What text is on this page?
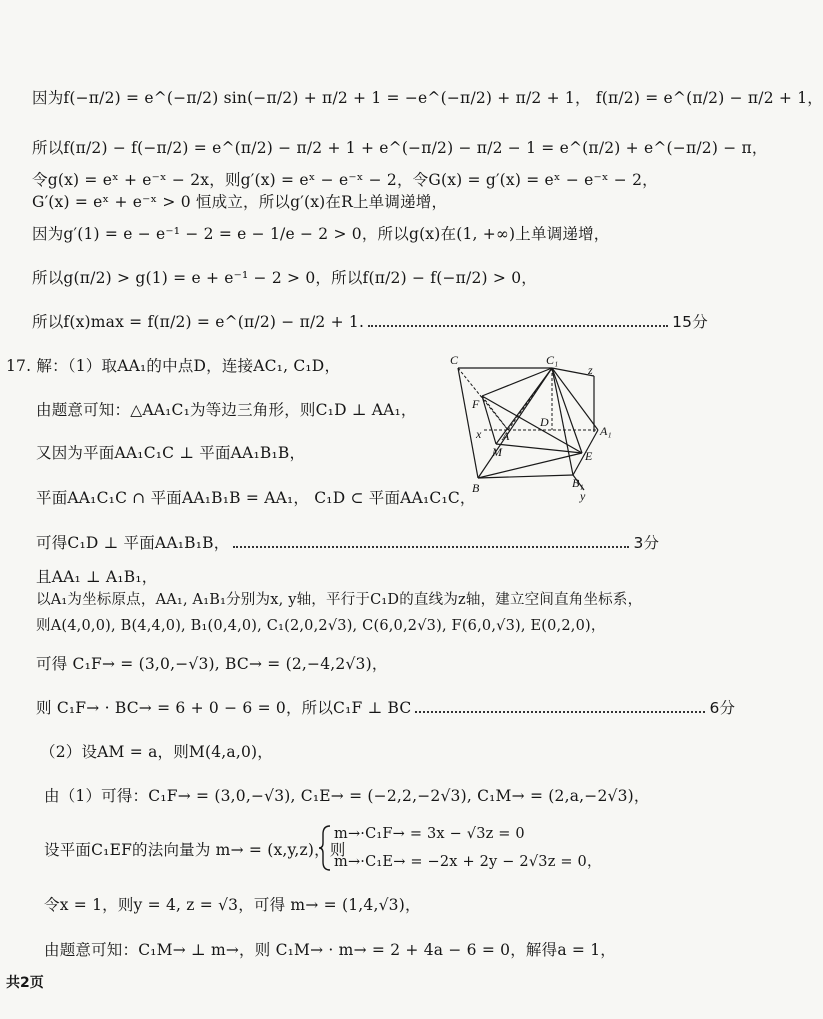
因为f(−π/2) = e^(−π/2) sin(−π/2) + π/2 + 1 = −e^(−π/2) + π/2 + 1， f(π/2) = e^(π/2) − π/2 + 1，
所以f(π/2) − f(−π/2) = e^(π/2) − π/2 + 1 + e^(−π/2) − π/2 − 1 = e^(π/2) + e^(−π/2) − π，
令g(x) = eˣ + e⁻ˣ − 2x，则g′(x) = eˣ − e⁻ˣ − 2，令G(x) = g′(x) = eˣ − e⁻ˣ − 2，
G′(x) = eˣ + e⁻ˣ > 0 恒成立，所以g′(x)在R上单调递增，
因为g′(1) = e − e⁻¹ − 2 = e − 1/e − 2 > 0，所以g(x)在(1, +∞)上单调递增，
所以g(π/2) > g(1) = e + e⁻¹ − 2 > 0，所以f(π/2) − f(−π/2) > 0，
所以f(x)max = f(π/2) = e^(π/2) − π/2 + 1.	15分
17. 解：（1）取AA₁的中点D，连接AC₁, C₁D，
由题意可知：△AA₁C₁为等边三角形，则C₁D ⊥ AA₁，
又因为平面AA₁C₁C ⊥ 平面AA₁B₁B，
平面AA₁C₁C ∩ 平面AA₁B₁B = AA₁， C₁D ⊂ 平面AA₁C₁C，
可得C₁D ⊥ 平面AA₁B₁B，	3分
且AA₁ ⊥ A₁B₁，
以A₁为坐标原点，AA₁, A₁B₁分别为x, y轴，平行于C₁D的直线为z轴，建立空间直角坐标系，
则A(4,0,0), B(4,4,0), B₁(0,4,0), C₁(2,0,2√3), C(6,0,2√3), F(6,0,√3), E(0,2,0)，
可得 C₁F→ = (3,0,−√3), BC→ = (2,−4,2√3)，
则 C₁F→ · BC→ = 6 + 0 − 6 = 0，所以C₁F ⊥ BC	6分
（2）设AM = a，则M(4,a,0)，
由（1）可得：C₁F→ = (3,0,−√3), C₁E→ = (−2,2,−2√3), C₁M→ = (2,a,−2√3)，
设平面C₁EF的法向量为 m→ = (x,y,z)，则
m→·C₁F→ = 3x − √3z = 0
m→·C₁E→ = −2x + 2y − 2√3z = 0，
令x = 1，则y = 4, z = √3，可得 m→ = (1,4,√3)，
由题意可知：C₁M→ ⊥ m→，则 C₁M→ · m→ = 2 + 4a − 6 = 0，解得a = 1，
C	C₁
z
F
D
x A	A₁
M	E
B	B₁
y
共2页
